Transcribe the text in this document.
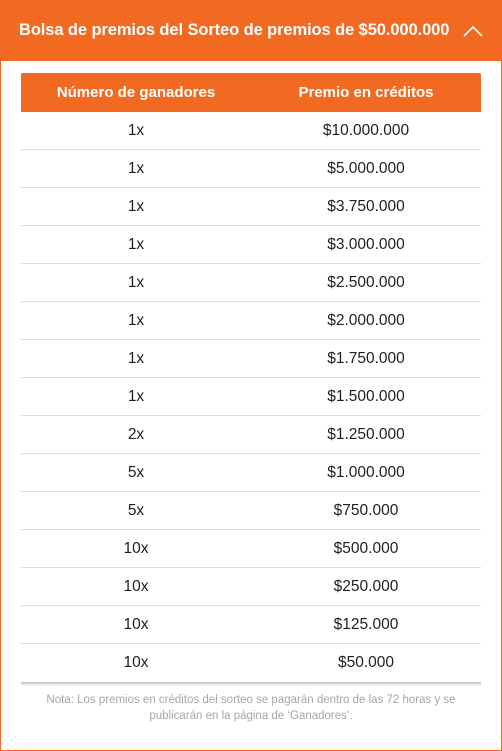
Bolsa de premios del Sorteo de premios de $50.000.000
Número de ganadores	Premio en créditos
1x	$10.000.000
1x	$5.000.000
1x	$3.750.000
1x	$3.000.000
1x	$2.500.000
1x	$2.000.000
1x	$1.750.000
1x	$1.500.000
2x	$1.250.000
5x	$1.000.000
5x	$750.000
10x	$500.000
10x	$250.000
10x	$125.000
10x	$50.000
Nota: Los premios en créditos del sorteo se pagarán dentro de las 72 horas y se publicarán en la página de ‘Ganadores’.
